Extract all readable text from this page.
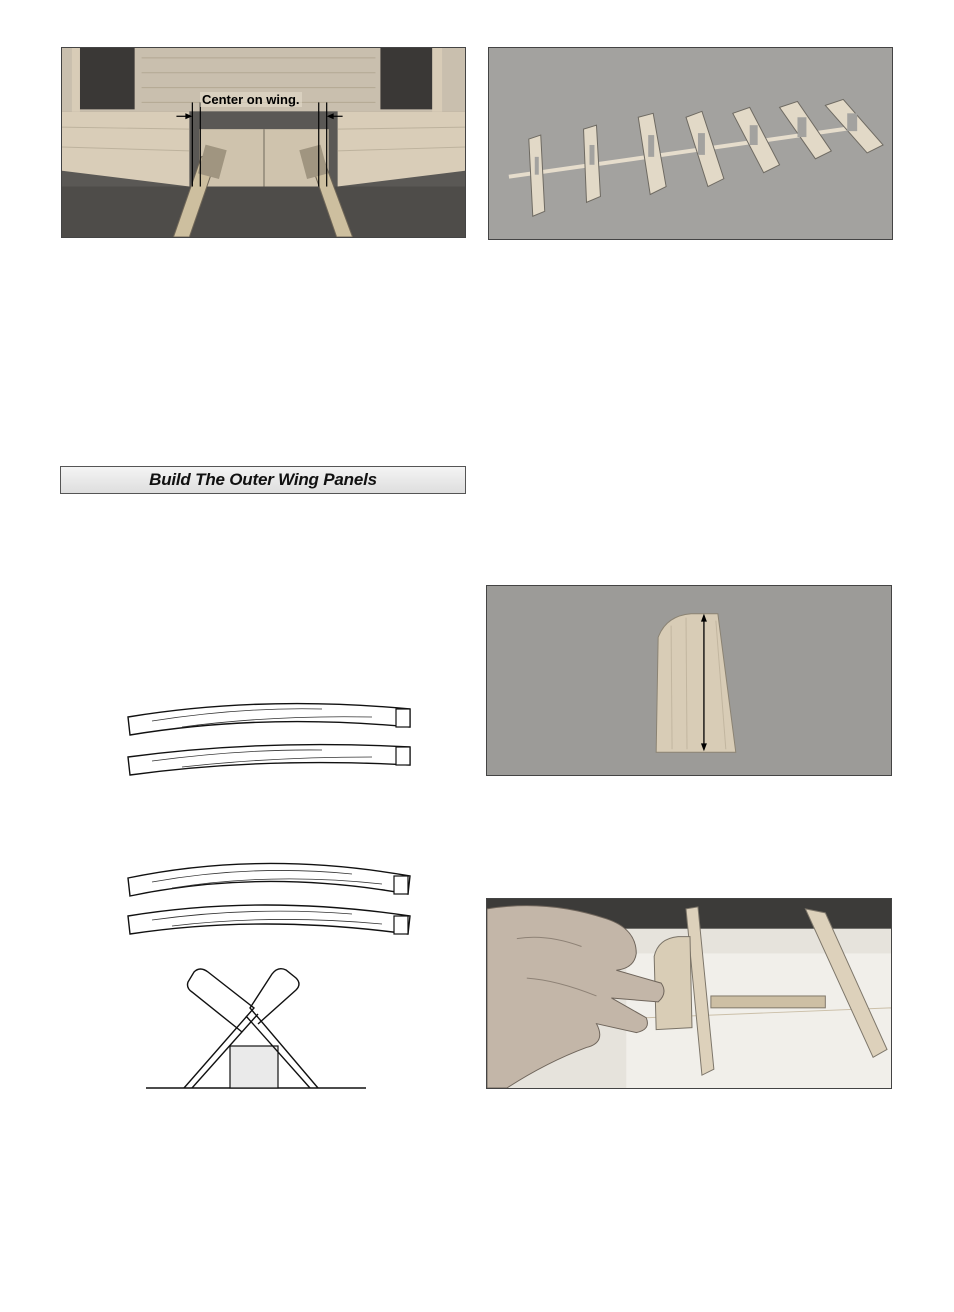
Center on wing.
Build The Outer Wing Panels
